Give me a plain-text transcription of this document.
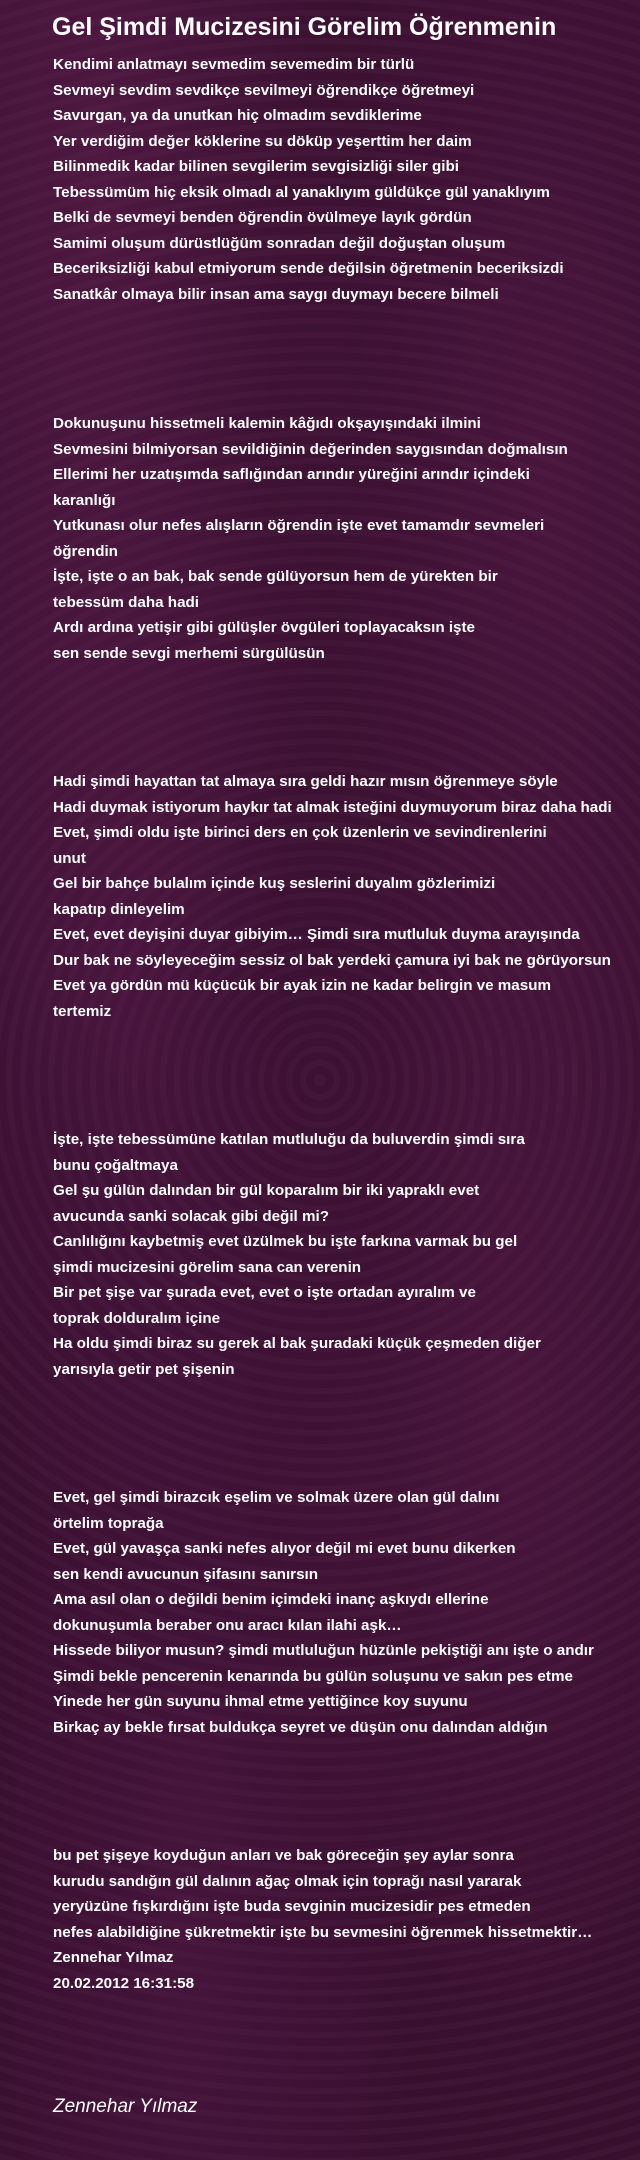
Gel Şimdi Mucizesini Görelim Öğrenmenin
Kendimi anlatmayı sevmedim sevemedim bir türlü
Sevmeyi sevdim sevdikçe sevilmeyi öğrendikçe öğretmeyi
Savurgan, ya da unutkan hiç olmadım sevdiklerime
Yer verdiğim değer köklerine su döküp yeşerttim her daim
Bilinmedik kadar bilinen sevgilerim sevgisizliği siler gibi
Tebessümüm hiç eksik olmadı al yanaklıyım güldükçe gül yanaklıyım
Belki de sevmeyi benden öğrendin övülmeye layık gördün
Samimi oluşum dürüstlüğüm sonradan değil doğuştan oluşum
Beceriksizliği kabul etmiyorum sende değilsin öğretmenin beceriksizdi
Sanatkâr olmaya bilir insan ama saygı duymayı becere bilmeli
Dokunuşunu hissetmeli kalemin kâğıdı okşayışındaki ilmini
Sevmesini bilmiyorsan sevildiğinin değerinden saygısından doğmalısın
Ellerimi her uzatışımda saflığından arındır yüreğini arındır içindeki
karanlığı
Yutkunası olur nefes alışların öğrendin işte evet tamamdır sevmeleri
öğrendin
İşte, işte o an bak, bak sende gülüyorsun hem de yürekten bir
tebessüm daha hadi
Ardı ardına yetişir gibi gülüşler övgüleri toplayacaksın işte
sen sende sevgi merhemi sürgülüsün
Hadi şimdi hayattan tat almaya sıra geldi hazır mısın öğrenmeye söyle
Hadi duymak istiyorum haykır tat almak isteğini duymuyorum biraz daha hadi
Evet, şimdi oldu işte birinci ders en çok üzenlerin ve sevindirenlerini
unut
Gel bir bahçe bulalım içinde kuş seslerini duyalım gözlerimizi
kapatıp dinleyelim
Evet, evet deyişini duyar gibiyim… Şimdi sıra mutluluk duyma arayışında
Dur bak ne söyleyeceğim sessiz ol bak yerdeki çamura iyi bak ne görüyorsun
Evet ya gördün mü küçücük bir ayak izin ne kadar belirgin ve masum
tertemiz
İşte, işte tebessümüne katılan mutluluğu da buluverdin şimdi sıra
bunu çoğaltmaya
Gel şu gülün dalından bir gül koparalım bir iki yapraklı evet
avucunda sanki solacak gibi değil mi?
Canlılığını kaybetmiş evet üzülmek bu işte farkına varmak bu gel
şimdi mucizesini görelim sana can verenin
Bir pet şişe var şurada evet, evet o işte ortadan ayıralım ve
toprak dolduralım içine
Ha oldu şimdi biraz su gerek al bak şuradaki küçük çeşmeden diğer
yarısıyla getir pet şişenin
Evet, gel şimdi birazcık eşelim ve solmak üzere olan gül dalını
örtelim toprağa
Evet, gül yavaşça sanki nefes alıyor değil mi evet bunu dikerken
sen kendi avucunun şifasını sanırsın
Ama asıl olan o değildi benim içimdeki inanç aşkıydı ellerine
dokunuşumla beraber onu aracı kılan ilahi aşk…
Hissede biliyor musun? şimdi mutluluğun hüzünle pekiştiği anı işte o andır
Şimdi bekle pencerenin kenarında bu gülün soluşunu ve sakın pes etme
Yinede her gün suyunu ihmal etme yettiğince koy suyunu
Birkaç ay bekle fırsat buldukça seyret ve düşün onu dalından aldığın
bu pet şişeye koyduğun anları ve bak göreceğin şey aylar sonra
kurudu sandığın gül dalının ağaç olmak için toprağı nasıl yararak
yeryüzüne fışkırdığını işte buda sevginin mucizesidir pes etmeden
nefes alabildiğine şükretmektir işte bu sevmesini öğrenmek hissetmektir…
Zennehar Yılmaz
20.02.2012 16:31:58
Zennehar Yılmaz
